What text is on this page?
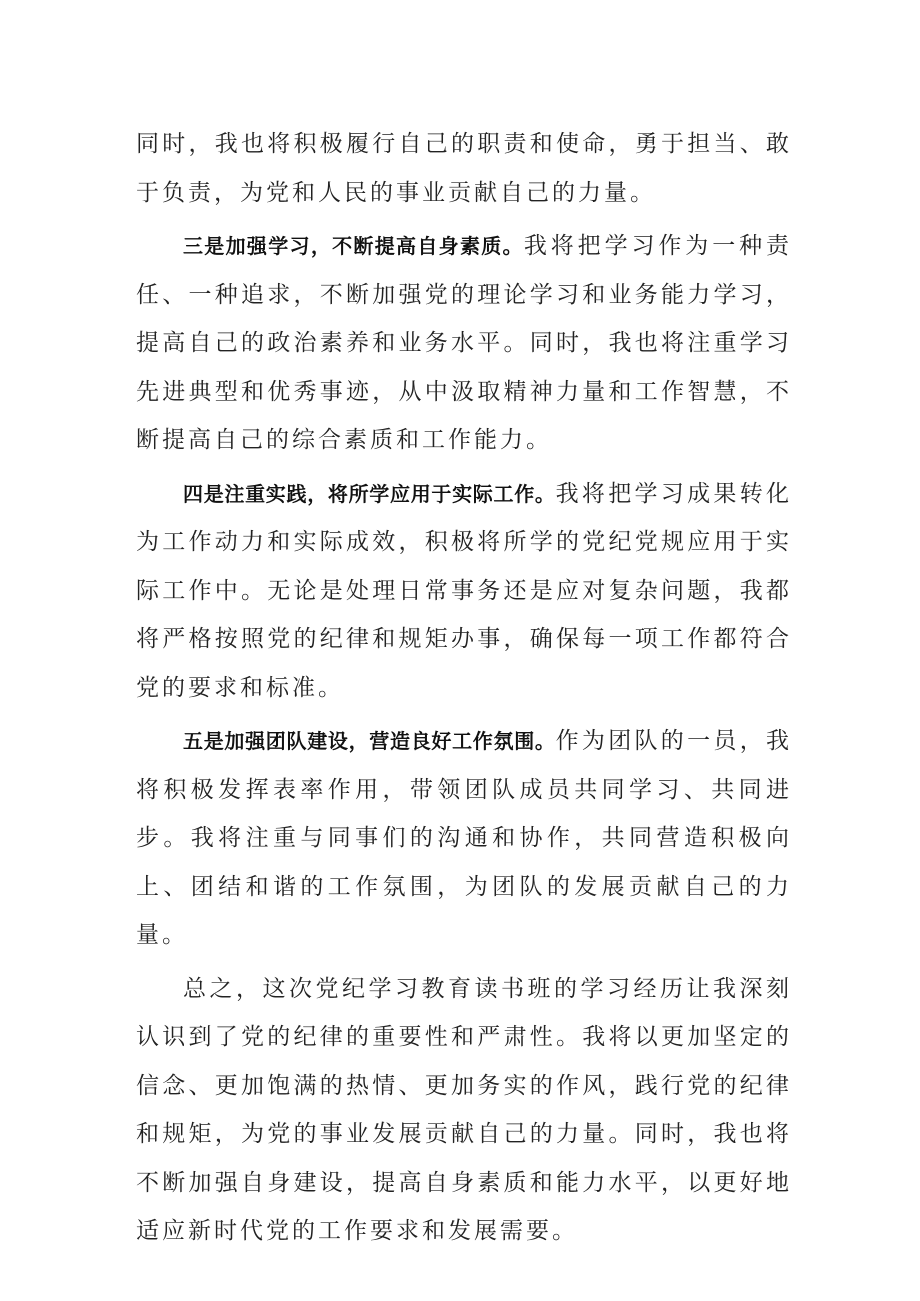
同时，我也将积极履行自己的职责和使命，勇于担当、敢于负责，为党和人民的事业贡献自己的力量。

三是加强学习，不断提高自身素质。我将把学习作为一种责任、一种追求，不断加强党的理论学习和业务能力学习，提高自己的政治素养和业务水平。同时，我也将注重学习先进典型和优秀事迹，从中汲取精神力量和工作智慧，不断提高自己的综合素质和工作能力。

四是注重实践，将所学应用于实际工作。我将把学习成果转化为工作动力和实际成效，积极将所学的党纪党规应用于实际工作中。无论是处理日常事务还是应对复杂问题，我都将严格按照党的纪律和规矩办事，确保每一项工作都符合党的要求和标准。

五是加强团队建设，营造良好工作氛围。作为团队的一员，我将积极发挥表率作用，带领团队成员共同学习、共同进步。我将注重与同事们的沟通和协作，共同营造积极向上、团结和谐的工作氛围，为团队的发展贡献自己的力量。

总之，这次党纪学习教育读书班的学习经历让我深刻认识到了党的纪律的重要性和严肃性。我将以更加坚定的信念、更加饱满的热情、更加务实的作风，践行党的纪律和规矩，为党的事业发展贡献自己的力量。同时，我也将不断加强自身建设，提高自身素质和能力水平，以更好地适应新时代党的工作要求和发展需要。
